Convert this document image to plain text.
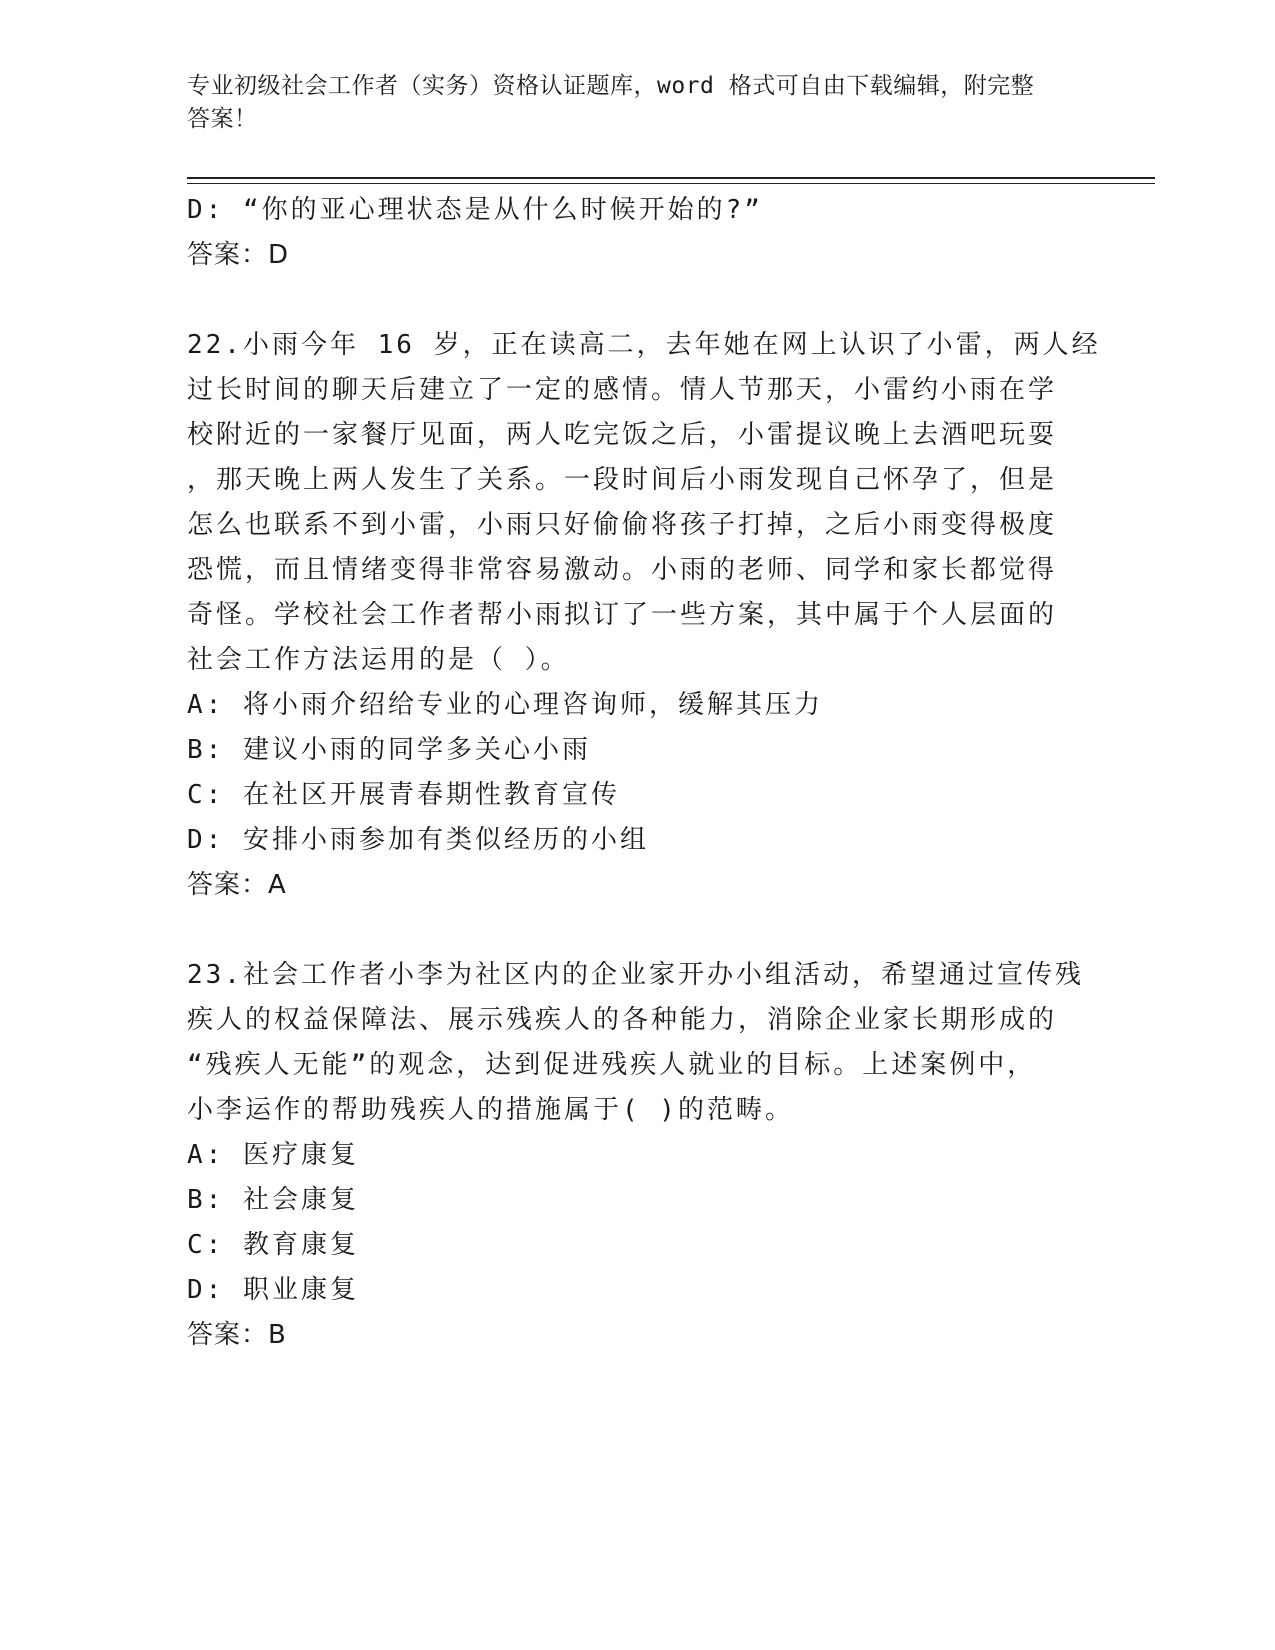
专业初级社会工作者（实务）资格认证题库，word 格式可自由下载编辑，附完整
答案！
D: “你的亚心理状态是从什么时候开始的?”
答案：D
22.小雨今年 16 岁，正在读高二，去年她在网上认识了小雷，两人经
过长时间的聊天后建立了一定的感情。情人节那天，小雷约小雨在学
校附近的一家餐厅见面，两人吃完饭之后，小雷提议晚上去酒吧玩耍
，那天晚上两人发生了关系。一段时间后小雨发现自己怀孕了，但是
怎么也联系不到小雷，小雨只好偷偷将孩子打掉，之后小雨变得极度
恐慌，而且情绪变得非常容易激动。小雨的老师、同学和家长都觉得
奇怪。学校社会工作者帮小雨拟订了一些方案，其中属于个人层面的
社会工作方法运用的是（ ）。
A: 将小雨介绍给专业的心理咨询师，缓解其压力
B: 建议小雨的同学多关心小雨
C: 在社区开展青春期性教育宣传
D: 安排小雨参加有类似经历的小组
答案：A
23.社会工作者小李为社区内的企业家开办小组活动，希望通过宣传残
疾人的权益保障法、展示残疾人的各种能力，消除企业家长期形成的
“残疾人无能”的观念，达到促进残疾人就业的目标。上述案例中，
小李运作的帮助残疾人的措施属于( )的范畴。
A: 医疗康复
B: 社会康复
C: 教育康复
D: 职业康复
答案：B
